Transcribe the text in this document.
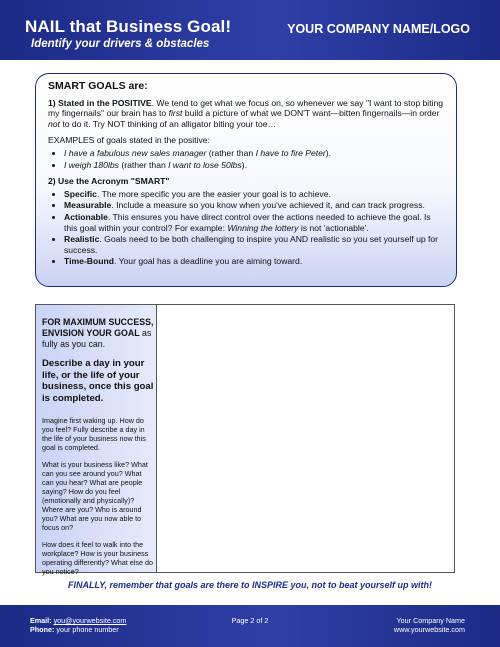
NAIL that Business Goal!
Identify your drivers & obstacles
YOUR COMPANY NAME/LOGO
SMART GOALS are:
1) Stated in the POSITIVE. We tend to get what we focus on, so whenever we say "I want to stop biting my fingernails" our brain has to first build a picture of what we DON'T want—bitten fingernails—in order not to do it. Try NOT thinking of an alligator biting your toe…
EXAMPLES of goals stated in the positive:
• I have a fabulous new sales manager (rather than I have to fire Peter).
• I weigh 180lbs (rather than I want to lose 50lbs).
2) Use the Acronym "SMART"
• Specific. The more specific you are the easier your goal is to achieve.
• Measurable. Include a measure so you know when you've achieved it, and can track progress.
• Actionable. This ensures you have direct control over the actions needed to achieve the goal. Is this goal within your control? For example: Winning the lottery is not 'actionable'.
• Realistic. Goals need to be both challenging to inspire you AND realistic so you set yourself up for success.
• Time-Bound. Your goal has a deadline you are aiming toward.
FOR MAXIMUM SUCCESS, ENVISION YOUR GOAL as fully as you can.
Describe a day in your life, or the life of your business, once this goal is completed.
Imagine first waking up. How do you feel? Fully describe a day in the life of your business now this goal is completed.
What is your business like? What can you see around you? What can you hear? What are people saying? How do you feel (emotionally and physically)? Where are you? Who is around you? What are you now able to focus on?
How does it feel to walk into the workplace? How is your business operating differently? What else do you notice?
FINALLY, remember that goals are there to INSPIRE you, not to beat yourself up with!
Email: you@yourwebsite.com
Phone: your phone number
Page 2 of 2	Your Company Name
www.yourwebsite.com
